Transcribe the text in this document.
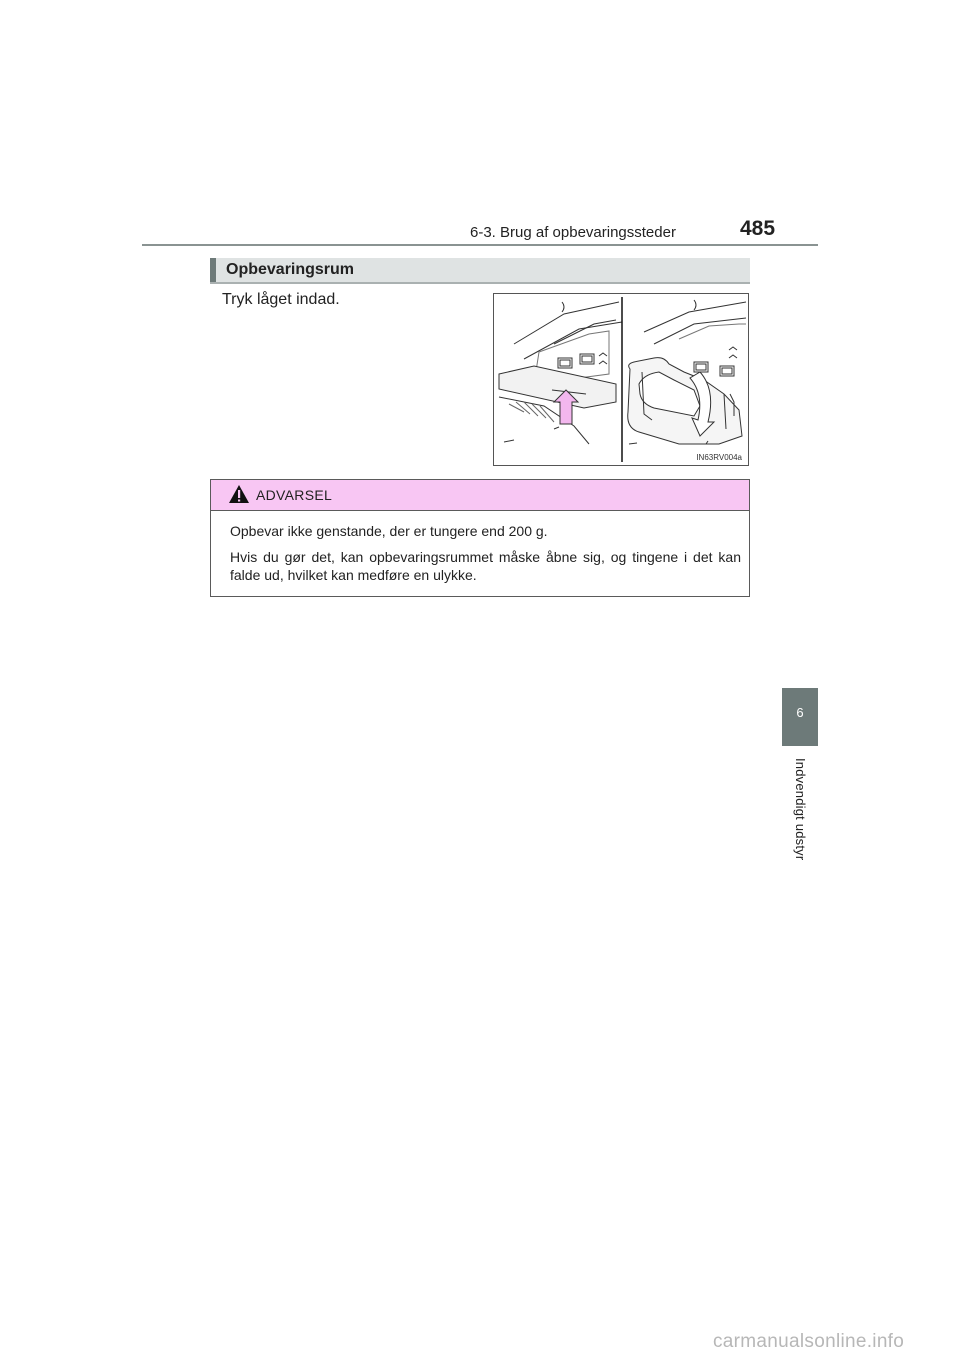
6-3. Brug af opbevaringssteder	485
Opbevaringsrum
Tryk låget indad.
IN63RV004a
ADVARSEL

Opbevar ikke genstande, der er tungere end 200 g.

Hvis du gør det, kan opbevaringsrummet måske åbne sig, og tingene i det kan falde ud, hvilket kan medføre en ulykke.

6
Indvendigt udstyr
carmanualsonline.info
